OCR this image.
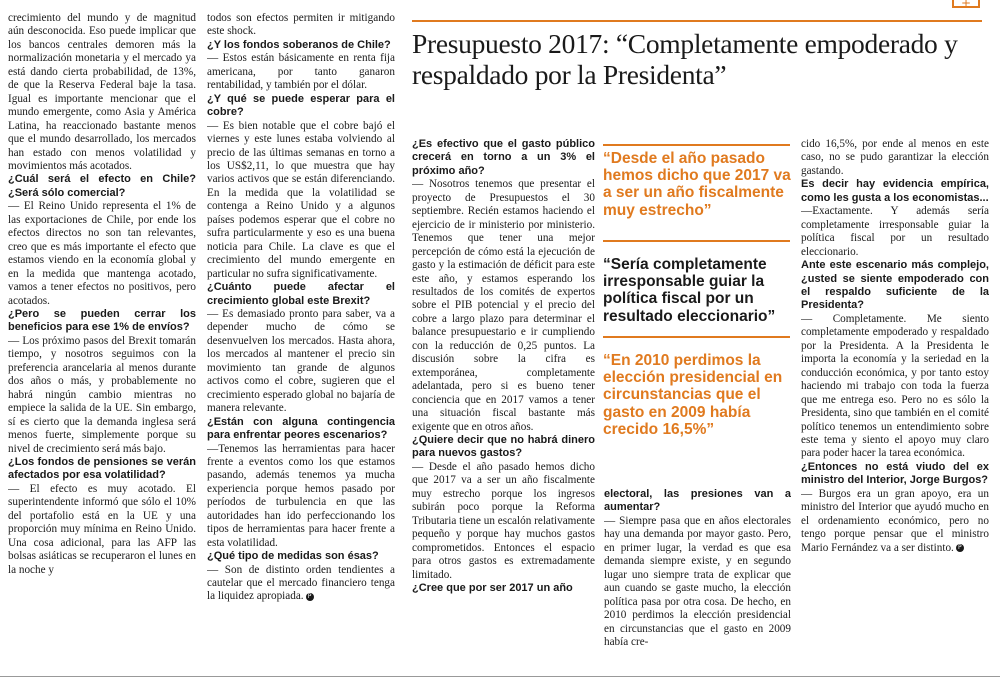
+
Presupuesto 2017: “Completamente empoderado y respaldado por la Presidenta”

crecimiento del mundo y de magnitud aún desconocida. Eso puede implicar que los bancos centrales demoren más la normalización monetaria y el mercado ya está dando cierta probabilidad, de 13%, de que la Reserva Federal baje la tasa. Igual es importante mencionar que el mundo emergente, como Asia y América Latina, ha reaccionado bastante menos que el mundo desarrollado, los mercados han estado con menos volatilidad y movimientos más acotados.

¿Cuál será el efecto en Chile? ¿Será sólo comercial?

— El Reino Unido representa el 1% de las exportaciones de Chile, por ende los efectos directos no son tan relevantes, creo que es más importante el efecto que estamos viendo en la economía global y en la medida que mantenga acotado, vamos a tener efectos no positivos, pero acotados.

¿Pero se pueden cerrar los beneficios para ese 1% de envíos?

— Los próximo pasos del Brexit tomarán tiempo, y nosotros seguimos con la preferencia arancelaria al menos durante dos años o más, y probablemente no habrá ningún cambio mientras no empiece la salida de la UE. Sin embargo, sí es cierto que la demanda inglesa será menos fuerte, simplemente porque su nivel de crecimiento será más bajo.

¿Los fondos de pensiones se verán afectados por esa volatilidad?

— El efecto es muy acotado. El superintendente informó que sólo el 10% del portafolio está en la UE y una proporción muy mínima en Reino Unido. Una cosa adicional, para las AFP las bolsas asiáticas se recuperaron el lunes en la noche y

todos son efectos permiten ir mitigando este shock.

¿Y los fondos soberanos de Chile?

— Estos están básicamente en renta fija americana, por tanto ganaron rentabilidad, y también por el dólar.

¿Y qué se puede esperar para el cobre?

— Es bien notable que el cobre bajó el viernes y este lunes estaba volviendo al precio de las últimas semanas en torno a los US$2,11, lo que muestra que hay varios activos que se están diferenciando. En la medida que la volatilidad se contenga a Reino Unido y a algunos países podemos esperar que el cobre no sufra particularmente y eso es una buena noticia para Chile. La clave es que el crecimiento del mundo emergente en particular no sufra significativamente.

¿Cuánto puede afectar el crecimiento global este Brexit?

— Es demasiado pronto para saber, va a depender mucho de cómo se desenvuelven los mercados. Hasta ahora, los mercados al mantener el precio sin movimiento tan grande de algunos activos como el cobre, sugieren que el crecimiento esperado global no bajaría de manera relevante.

¿Están con alguna contingencia para enfrentar peores escenarios?

—Tenemos las herramientas para hacer frente a eventos como los que estamos pasando, además tenemos ya mucha experiencia porque hemos pasado por períodos de turbulencia en que las autoridades han ido perfeccionando los tipos de herramientas para hacer frente a esta volatilidad.

¿Qué tipo de medidas son ésas?

— Son de distinto orden tendientes a cautelar que el mercado financiero tenga la liquidez apropiada. P

¿Es efectivo que el gasto público crecerá en torno a un 3% el próximo año?

— Nosotros tenemos que presentar el proyecto de Presupuestos el 30 septiembre. Recién estamos haciendo el ejercicio de ir ministerio por ministerio. Tenemos que tener una mejor percepción de cómo está la ejecución de gasto y la estimación de déficit para este este año, y estamos esperando los resultados de los comités de expertos sobre el PIB potencial y el precio del cobre a largo plazo para determinar el balance presupuestario e ir cumpliendo con la reducción de 0,25 puntos. La discusión sobre la cifra es extemporánea, completamente adelantada, pero si es bueno tener conciencia que en 2017 vamos a tener una situación fiscal bastante más exigente que en otros años.

¿Quiere decir que no habrá dinero para nuevos gastos?

— Desde el año pasado hemos dicho que 2017 va a ser un año fiscalmente muy estrecho porque los ingresos subirán poco porque la Reforma Tributaria tiene un escalón relativamente pequeño y porque hay muchos gastos comprometidos. Entonces el espacio para otros gastos es extremadamente limitado.

¿Cree que por ser 2017 un año

electoral, las presiones van a aumentar?

— Siempre pasa que en años electorales hay una demanda por mayor gasto. Pero, en primer lugar, la verdad es que esa demanda siempre existe, y en segundo lugar uno siempre trata de explicar que aun cuando se gaste mucho, la elección política pasa por otra cosa. De hecho, en 2010 perdimos la elección presidencial en circunstancias que el gasto en 2009 había cre-

cido 16,5%, por ende al menos en este caso, no se pudo garantizar la elección gastando.

Es decir hay evidencia empírica, como les gusta a los economistas...

—Exactamente. Y además sería completamente irresponsable guiar la política fiscal por un resultado eleccionario.

Ante este escenario más complejo, ¿usted se siente empoderado con el respaldo suficiente de la Presidenta?

— Completamente. Me siento completamente empoderado y respaldado por la Presidenta. A la Presidenta le importa la economía y la seriedad en la conducción económica, y por tanto estoy haciendo mi trabajo con toda la fuerza que me entrega eso. Pero no es sólo la Presidenta, sino que también en el comité político tenemos un entendimiento sobre este tema y siento el apoyo muy claro para poder hacer la tarea económica.

¿Entonces no está viudo del ex ministro del Interior, Jorge Burgos?

— Burgos era un gran apoyo, era un ministro del Interior que ayudó mucho en el ordenamiento económico, pero no tengo porque pensar que el ministro Mario Fernández va a ser distinto. P

“Desde el año pasado hemos dicho que 2017 va a ser un año fiscalmente muy estrecho”

“Sería completamente irresponsable guiar la política fiscal por un resultado eleccionario”

“En 2010 perdimos la elección presidencial en circunstancias que el gasto en 2009 había crecido 16,5%”
